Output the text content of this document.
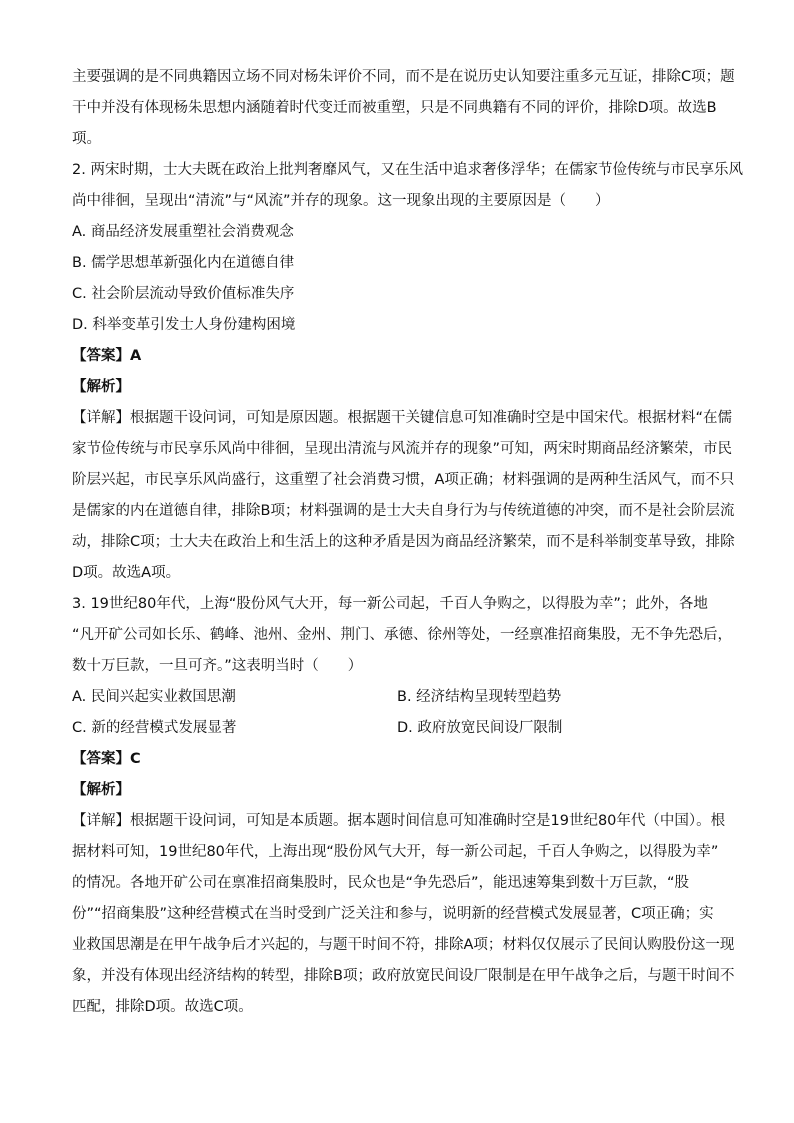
主要强调的是不同典籍因立场不同对杨朱评价不同，而不是在说历史认知要注重多元互证，排除C项；题
干中并没有体现杨朱思想内涵随着时代变迁而被重塑，只是不同典籍有不同的评价，排除D项。故选B
项。
2. 两宋时期，士大夫既在政治上批判奢靡风气，又在生活中追求奢侈浮华；在儒家节俭传统与市民享乐风
尚中徘徊，呈现出“清流”与“风流”并存的现象。这一现象出现的主要原因是（　　）
A. 商品经济发展重塑社会消费观念
B. 儒学思想革新强化内在道德自律
C. 社会阶层流动导致价值标准失序
D. 科举变革引发士人身份建构困境
【答案】A
【解析】
【详解】根据题干设问词，可知是原因题。根据题干关键信息可知准确时空是中国宋代。根据材料“在儒
家节俭传统与市民享乐风尚中徘徊，呈现出清流与风流并存的现象”可知，两宋时期商品经济繁荣，市民
阶层兴起，市民享乐风尚盛行，这重塑了社会消费习惯，A项正确；材料强调的是两种生活风气，而不只
是儒家的内在道德自律，排除B项；材料强调的是士大夫自身行为与传统道德的冲突，而不是社会阶层流
动，排除C项；士大夫在政治上和生活上的这种矛盾是因为商品经济繁荣，而不是科举制变革导致，排除
D项。故选A项。
3. 19世纪80年代，上海“股份风气大开，每一新公司起，千百人争购之，以得股为幸”；此外，各地
“凡开矿公司如长乐、鹤峰、池州、金州、荆门、承德、徐州等处，一经禀准招商集股，无不争先恐后，
数十万巨款，一旦可齐。”这表明当时（　　）
A. 民间兴起实业救国思潮	B. 经济结构呈现转型趋势
C. 新的经营模式发展显著	D. 政府放宽民间设厂限制
【答案】C
【解析】
【详解】根据题干设问词，可知是本质题。据本题时间信息可知准确时空是19世纪80年代（中国）。根
据材料可知，19世纪80年代，上海出现“股份风气大开，每一新公司起，千百人争购之，以得股为幸”
的情况。各地开矿公司在禀准招商集股时，民众也是“争先恐后”，能迅速筹集到数十万巨款，“股
份”“招商集股”这种经营模式在当时受到广泛关注和参与，说明新的经营模式发展显著，C项正确；实
业救国思潮是在甲午战争后才兴起的，与题干时间不符，排除A项；材料仅仅展示了民间认购股份这一现
象，并没有体现出经济结构的转型，排除B项；政府放宽民间设厂限制是在甲午战争之后，与题干时间不
匹配，排除D项。故选C项。
